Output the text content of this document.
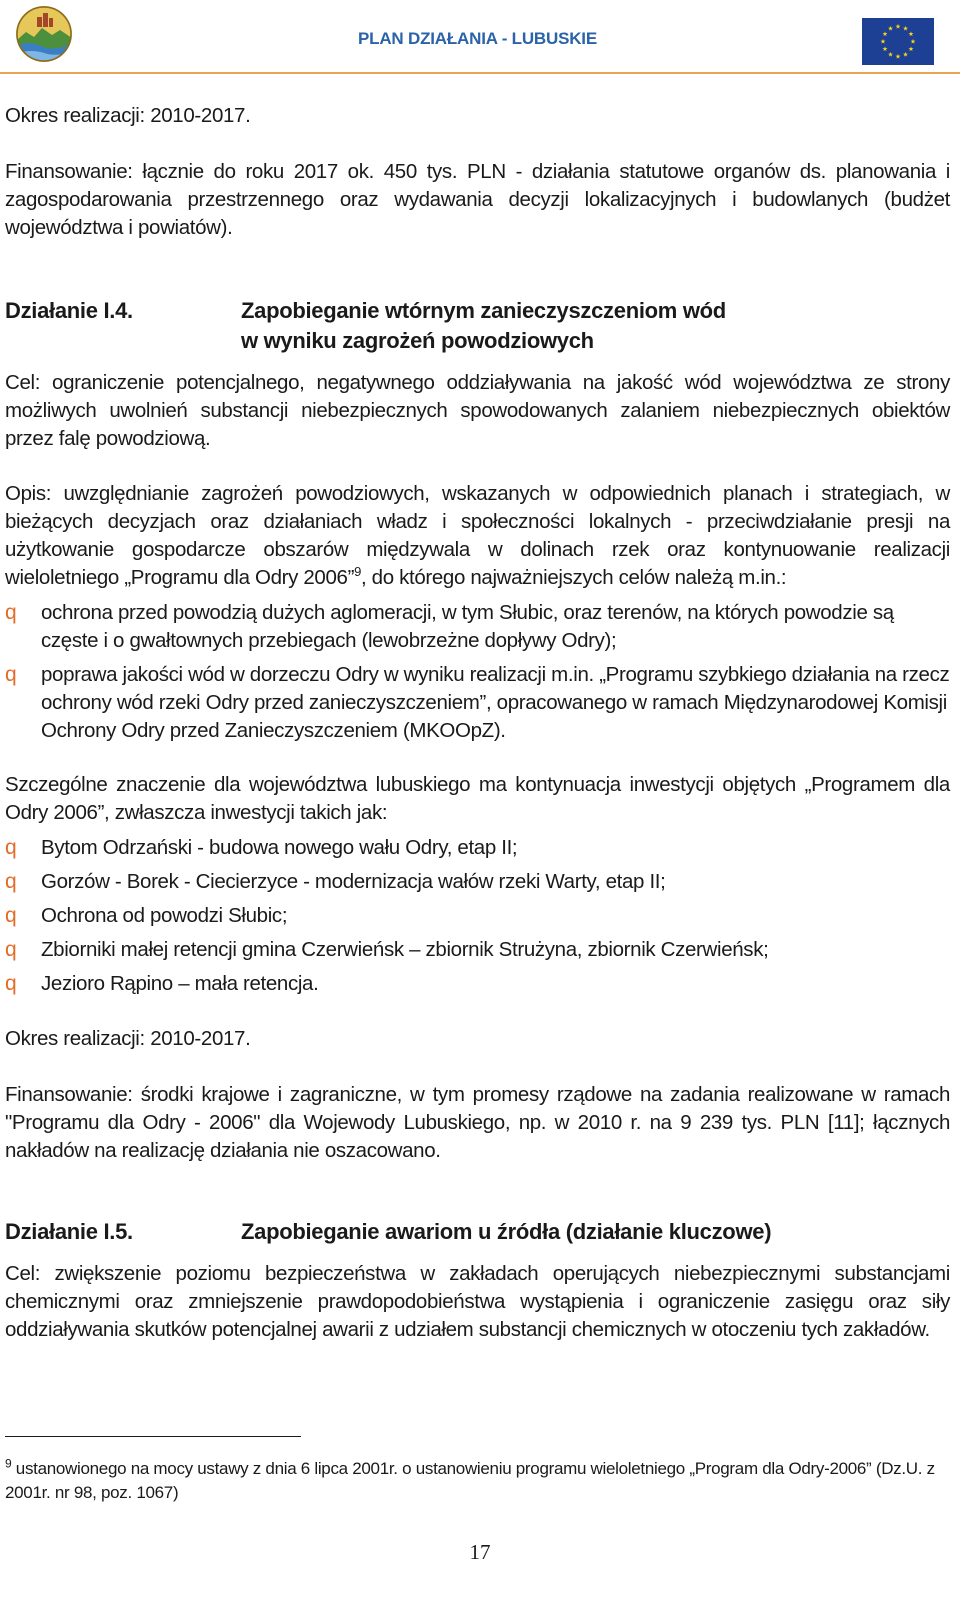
PLAN DZIAŁANIA - LUBUSKIE

Okres realizacji: 2010-2017.

Finansowanie: łącznie do roku 2017 ok. 450 tys. PLN - działania statutowe organów ds. planowania i zagospodarowania przestrzennego oraz wydawania decyzji lokalizacyjnych i budowlanych (budżet województwa i powiatów).

Działanie I.4.	Zapobieganie wtórnym zanieczyszczeniom wód
w wyniku zagrożeń powodziowych

Cel: ograniczenie potencjalnego, negatywnego oddziaływania na jakość wód województwa ze strony możliwych uwolnień substancji niebezpiecznych spowodowanych zalaniem niebezpiecznych obiektów przez falę powodziową.

Opis: uwzględnianie zagrożeń powodziowych, wskazanych w odpowiednich planach i strategiach, w bieżących decyzjach oraz działaniach władz i społeczności lokalnych - przeciwdziałanie presji na użytkowanie gospodarcze obszarów międzywala w dolinach rzek oraz kontynuowanie realizacji wieloletniego „Programu dla Odry 2006”$^9$, do którego najważniejszych celów należą m.in.:

q ochrona przed powodzią dużych aglomeracji, w tym Słubic, oraz terenów, na których powodzie są częste i o gwałtownych przebiegach (lewobrzeżne dopływy Odry);
q poprawa jakości wód w dorzeczu Odry w wyniku realizacji m.in. „Programu szybkiego działania na rzecz ochrony wód rzeki Odry przed zanieczyszczeniem”, opracowanego w ramach Międzynarodowej Komisji Ochrony Odry przed Zanieczyszczeniem (MKOOpZ).

Szczególne znaczenie dla województwa lubuskiego ma kontynuacja inwestycji objętych „Programem dla Odry 2006”, zwłaszcza inwestycji takich jak:

q Bytom Odrzański - budowa nowego wału Odry, etap II;
q Gorzów - Borek - Ciecierzyce - modernizacja wałów rzeki Warty, etap II;
q Ochrona od powodzi Słubic;
q Zbiorniki małej retencji gmina Czerwieńsk – zbiornik Strużyna, zbiornik Czerwieńsk;
q Jezioro Rąpino – mała retencja.

Okres realizacji: 2010-2017.

Finansowanie: środki krajowe i zagraniczne, w tym promesy rządowe na zadania realizowane w ramach "Programu dla Odry - 2006" dla Wojewody Lubuskiego, np. w 2010 r. na 9 239 tys. PLN [11]; łącznych nakładów na realizację działania nie oszacowano.

Działanie I.5.	Zapobieganie awariom u źródła (działanie kluczowe)

Cel: zwiększenie poziomu bezpieczeństwa w zakładach operujących niebezpiecznymi substancjami chemicznymi oraz zmniejszenie prawdopodobieństwa wystąpienia i ograniczenie zasięgu oraz siły oddziaływania skutków potencjalnej awarii z udziałem substancji chemicznych w otoczeniu tych zakładów.

$^9$ ustanowionego na mocy ustawy z dnia 6 lipca 2001r. o ustanowieniu programu wieloletniego „Program dla Odry-2006” (Dz.U. z 2001r. nr 98, poz. 1067)
17
